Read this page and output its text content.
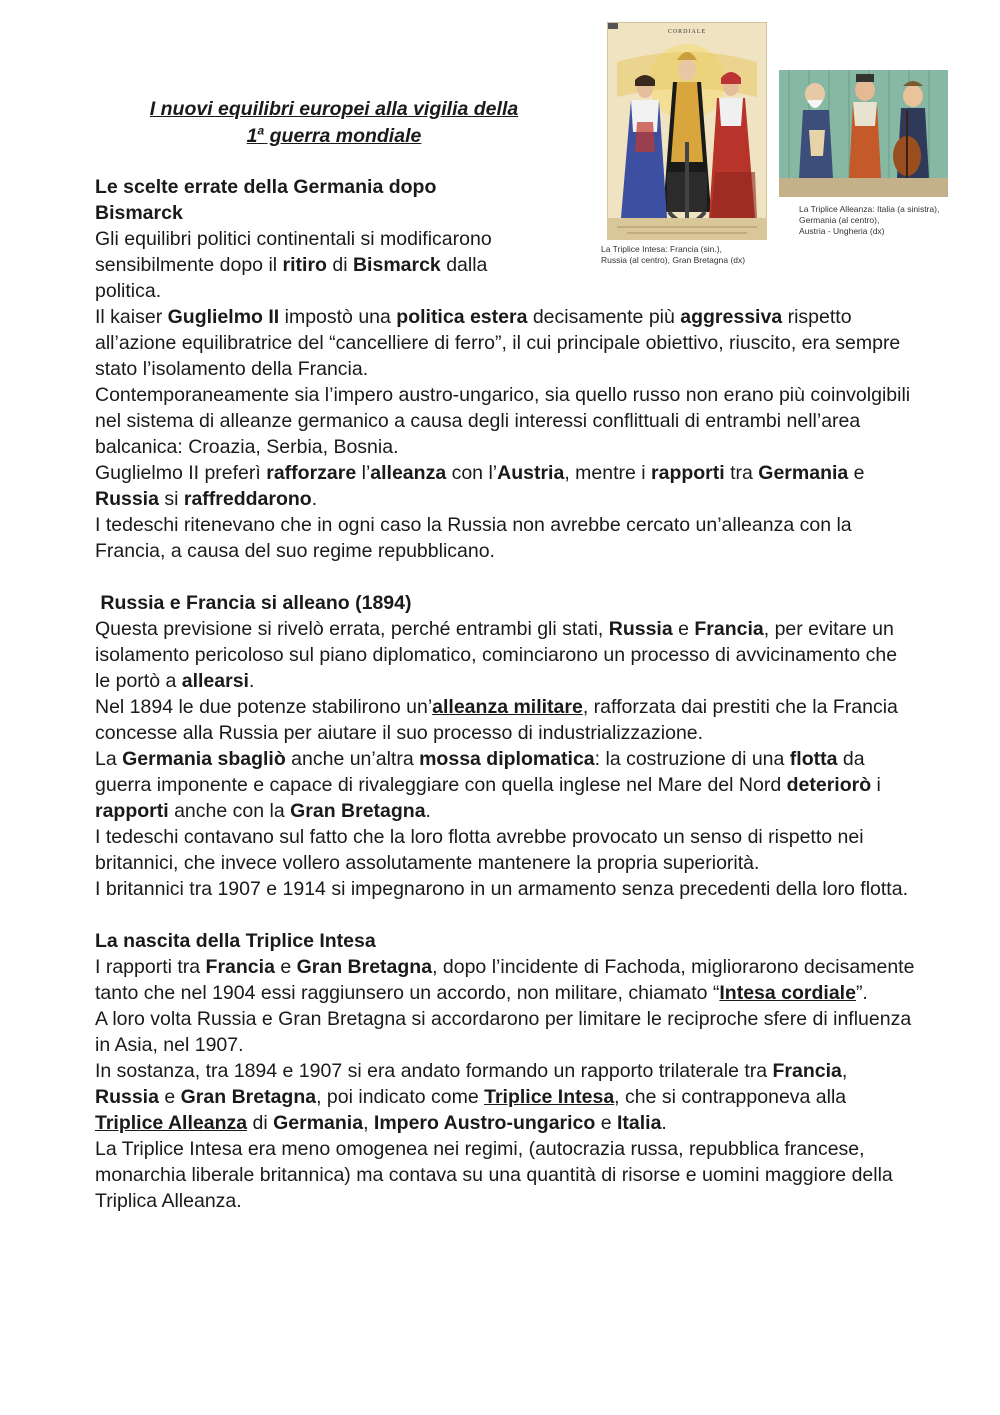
I nuovi equilibri europei alla vigilia della
1$^a$ guerra mondiale
CORDIALE
La Triplice Intesa: Francia (sin.),
Russia (al centro), Gran Bretagna (dx)
La Triplice Alleanza: Italia (a sinistra),
Germania (al centro),
Austria - Ungheria (dx)
Le scelte errate della Germania dopo
Bismarck

Gli equilibri politici continentali si modificarono
sensibilmente dopo il ritiro di Bismarck dalla
politica.

Il kaiser Guglielmo II impostò una politica estera decisamente più aggressiva rispetto all’azione equilibratrice del “cancelliere di ferro”, il cui principale obiettivo, riuscito, era sempre stato l’isolamento della Francia.

Contemporaneamente sia l’impero austro-ungarico, sia quello russo non erano più coinvolgibili nel sistema di alleanze germanico a causa degli interessi conflittuali di entrambi nell’area balcanica: Croazia, Serbia, Bosnia.

Guglielmo II preferì rafforzare l’alleanza con l’Austria, mentre i rapporti tra Germania e Russia si raffreddarono.

I tedeschi ritenevano che in ogni caso la Russia non avrebbe cercato un’alleanza con la Francia, a causa del suo regime repubblicano.

Russia e Francia si alleano (1894)

Questa previsione si rivelò errata, perché entrambi gli stati, Russia e Francia, per evitare un isolamento pericoloso sul piano diplomatico, cominciarono un processo di avvicinamento che le portò a allearsi.

Nel 1894 le due potenze stabilirono un’alleanza militare, rafforzata dai prestiti che la Francia concesse alla Russia per aiutare il suo processo di industrializzazione.

La Germania sbagliò anche un’altra mossa diplomatica: la costruzione di una flotta da guerra imponente e capace di rivaleggiare con quella inglese nel Mare del Nord deteriorò i rapporti anche con la Gran Bretagna.

I tedeschi contavano sul fatto che la loro flotta avrebbe provocato un senso di rispetto nei britannici, che invece vollero assolutamente mantenere la propria superiorità.

I britannici tra 1907 e 1914 si impegnarono in un armamento senza precedenti della loro flotta.

La nascita della Triplice Intesa

I rapporti tra Francia e Gran Bretagna, dopo l’incidente di Fachoda, migliorarono decisamente tanto che nel 1904 essi raggiunsero un accordo, non militare, chiamato “Intesa cordiale”.

A loro volta Russia e Gran Bretagna si accordarono per limitare le reciproche sfere di influenza in Asia, nel 1907.

In sostanza, tra 1894 e 1907 si era andato formando un rapporto trilaterale tra Francia, Russia e Gran Bretagna, poi indicato come Triplice Intesa, che si contrapponeva alla Triplice Alleanza di Germania, Impero Austro-ungarico e Italia.

La Triplice Intesa era meno omogenea nei regimi, (autocrazia russa, repubblica francese, monarchia liberale britannica) ma contava su una quantità di risorse e uomini maggiore della Triplica Alleanza.
